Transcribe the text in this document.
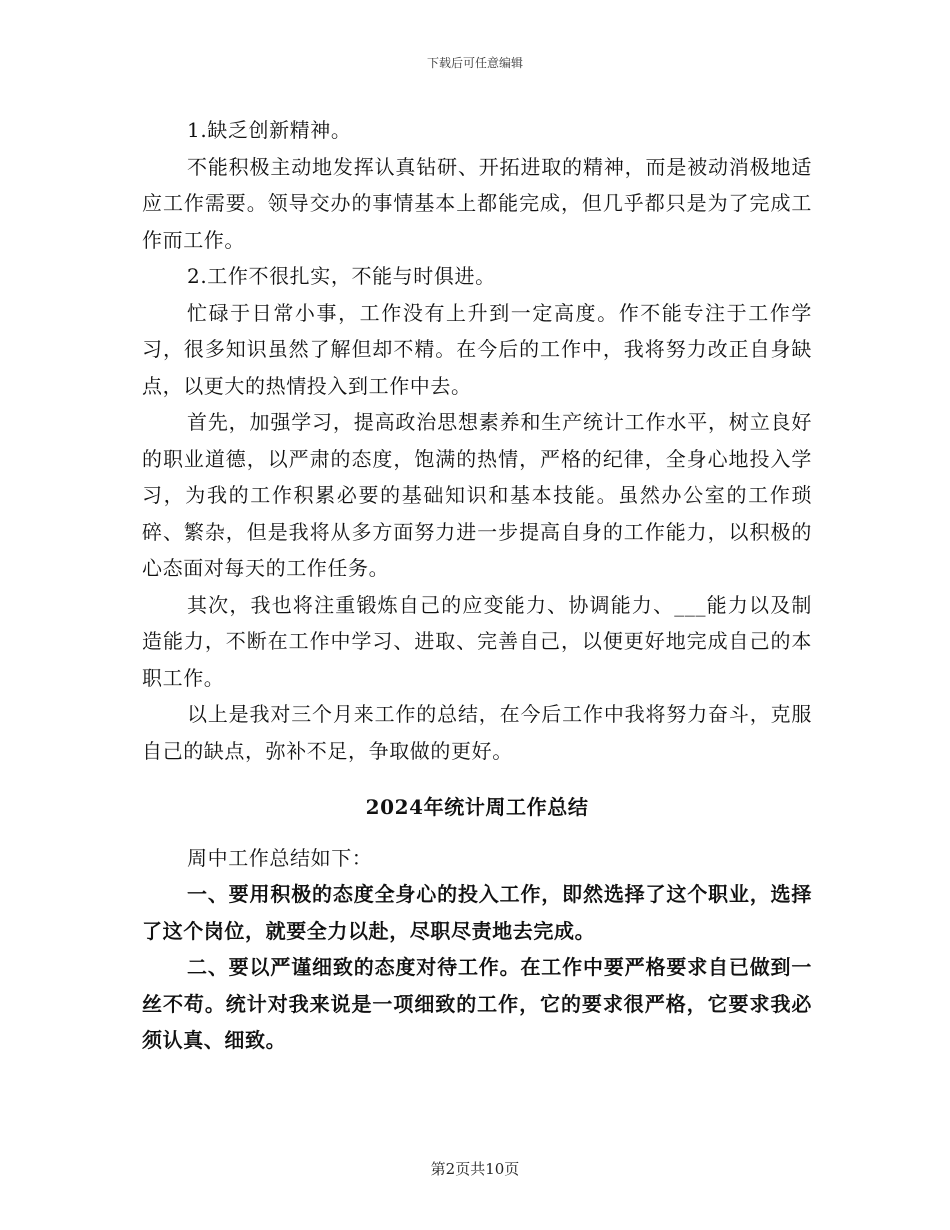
下载后可任意编辑

1.缺乏创新精神。

不能积极主动地发挥认真钻研、开拓进取的精神，而是被动消极地适应工作需要。领导交办的事情基本上都能完成，但几乎都只是为了完成工作而工作。

2.工作不很扎实，不能与时俱进。

忙碌于日常小事，工作没有上升到一定高度。作不能专注于工作学习，很多知识虽然了解但却不精。在今后的工作中，我将努力改正自身缺点，以更大的热情投入到工作中去。

首先，加强学习，提高政治思想素养和生产统计工作水平，树立良好的职业道德，以严肃的态度，饱满的热情，严格的纪律，全身心地投入学习，为我的工作积累必要的基础知识和基本技能。虽然办公室的工作琐碎、繁杂，但是我将从多方面努力进一步提高自身的工作能力，以积极的心态面对每天的工作任务。

其次，我也将注重锻炼自己的应变能力、协调能力、___能力以及制造能力，不断在工作中学习、进取、完善自己，以便更好地完成自己的本职工作。

以上是我对三个月来工作的总结，在今后工作中我将努力奋斗，克服自己的缺点，弥补不足，争取做的更好。

2024年统计周工作总结

周中工作总结如下：

一、要用积极的态度全身心的投入工作，即然选择了这个职业，选择了这个岗位，就要全力以赴，尽职尽责地去完成。

二、要以严谨细致的态度对待工作。在工作中要严格要求自已做到一丝不苟。统计对我来说是一项细致的工作，它的要求很严格，它要求我必须认真、细致。

第2页共10页
